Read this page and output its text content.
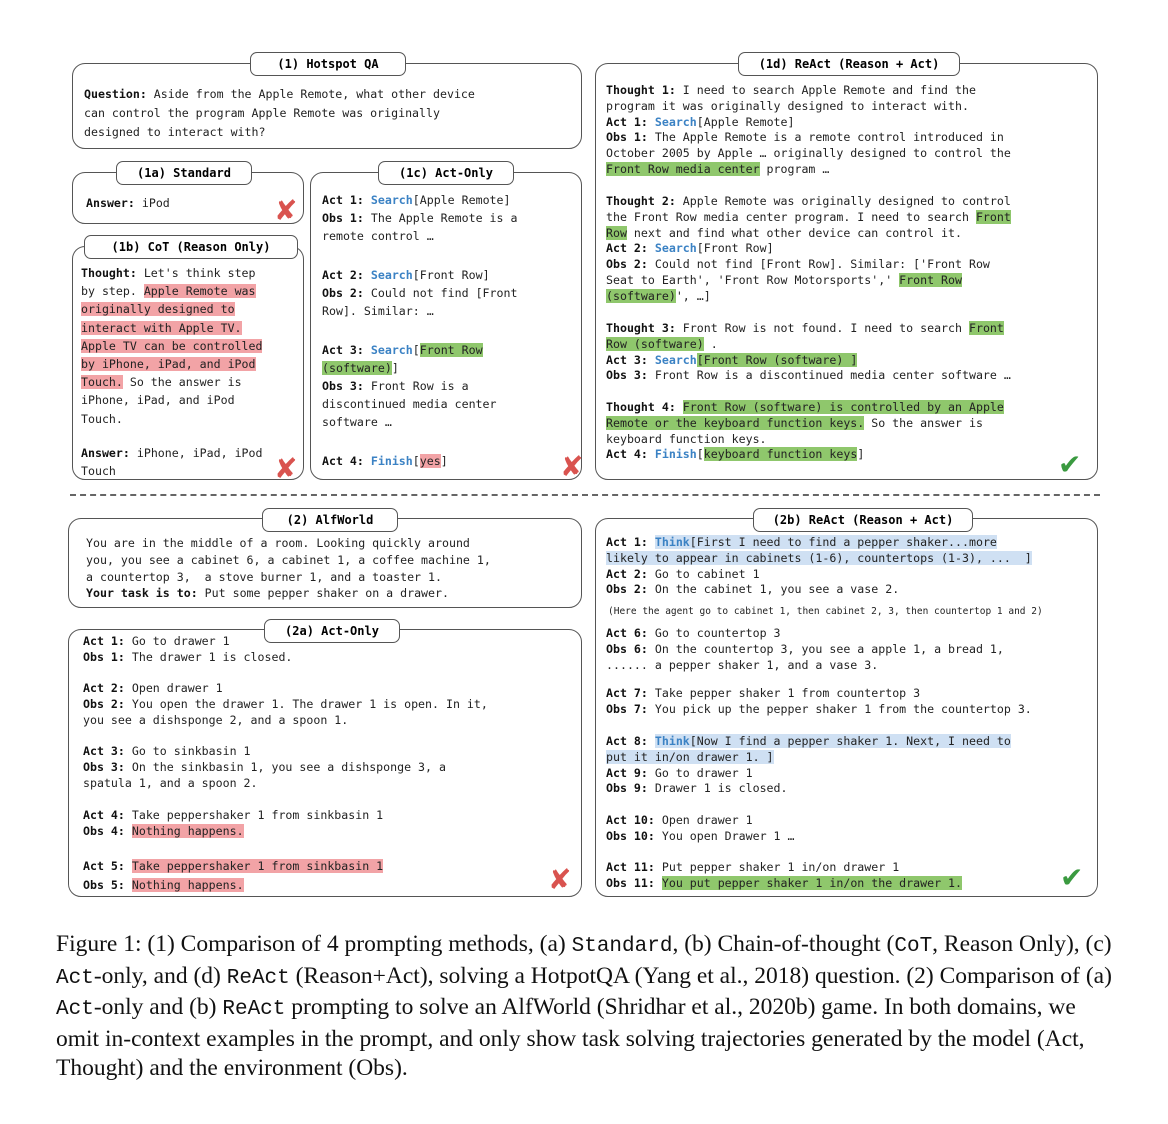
(1) Hotspot QA
Question: Aside from the Apple Remote, what other device
can control the program Apple Remote was originally
designed to interact with?
(1a) Standard
Answer: iPod	✘
(1b) CoT (Reason Only)
Thought: Let's think step
by step. Apple Remote was
originally designed to
interact with Apple TV.
Apple TV can be controlled
by iPhone, iPad, and iPod
Touch. So the answer is
iPhone, iPad, and iPod
Touch.
Answer: iPhone, iPad, iPod
Touch	✘
(1c) Act-Only
Act 1: Search[Apple Remote]
Obs 1: The Apple Remote is a
remote control …
Act 2: Search[Front Row]
Obs 2: Could not find [Front
Row]. Similar: …
Act 3: Search[Front Row
(software)]
Obs 3: Front Row is a
discontinued media center
software …
Act 4: Finish[yes]	✘
(1d) ReAct (Reason + Act)
Thought 1: I need to search Apple Remote and find the
program it was originally designed to interact with.
Act 1: Search[Apple Remote]
Obs 1: The Apple Remote is a remote control introduced in
October 2005 by Apple … originally designed to control the
Front Row media center program …
Thought 2: Apple Remote was originally designed to control
the Front Row media center program. I need to search Front
Row next and find what other device can control it.
Act 2: Search[Front Row]
Obs 2: Could not find [Front Row]. Similar: ['Front Row
Seat to Earth', 'Front Row Motorsports',' Front Row
(software)', …]
Thought 3: Front Row is not found. I need to search Front
Row (software) .
Act 3: Search[Front Row (software) ]
Obs 3: Front Row is a discontinued media center software …
Thought 4: Front Row (software) is controlled by an Apple
Remote or the keyboard function keys. So the answer is
keyboard function keys.
Act 4: Finish[keyboard function keys]	✔
(2) AlfWorld
You are in the middle of a room. Looking quickly around
you, you see a cabinet 6, a cabinet 1, a coffee machine 1,
a countertop 3,  a stove burner 1, and a toaster 1.
Your task is to: Put some pepper shaker on a drawer.
(2a) Act-Only
Act 1: Go to drawer 1
Obs 1: The drawer 1 is closed.
Act 2: Open drawer 1
Obs 2: You open the drawer 1. The drawer 1 is open. In it,
you see a dishsponge 2, and a spoon 1.
Act 3: Go to sinkbasin 1
Obs 3: On the sinkbasin 1, you see a dishsponge 3, a
spatula 1, and a spoon 2.
Act 4: Take peppershaker 1 from sinkbasin 1
Obs 4: Nothing happens.
Act 5: Take peppershaker 1 from sinkbasin 1
Obs 5: Nothing happens.	✘
(2b) ReAct (Reason + Act)
Act 1: Think[First I need to find a pepper shaker...more
likely to appear in cabinets (1-6), countertops (1-3), ...  ]
Act 2: Go to cabinet 1
Obs 2: On the cabinet 1, you see a vase 2.
(Here the agent go to cabinet 1, then cabinet 2, 3, then countertop 1 and 2)
Act 6: Go to countertop 3
Obs 6: On the countertop 3, you see a apple 1, a bread 1,
...... a pepper shaker 1, and a vase 3.
Act 7: Take pepper shaker 1 from countertop 3
Obs 7: You pick up the pepper shaker 1 from the countertop 3.
Act 8: Think[Now I find a pepper shaker 1. Next, I need to
put it in/on drawer 1. ]
Act 9: Go to drawer 1
Obs 9: Drawer 1 is closed.
Act 10: Open drawer 1
Obs 10: You open Drawer 1 …
Act 11: Put pepper shaker 1 in/on drawer 1
Obs 11: You put pepper shaker 1 in/on the drawer 1.	✔
Figure 1: (1) Comparison of 4 prompting methods, (a) Standard, (b) Chain-of-thought (CoT, Reason Only), (c) Act-only, and (d) ReAct (Reason+Act), solving a HotpotQA (Yang et al., 2018) question. (2) Comparison of (a) Act-only and (b) ReAct prompting to solve an AlfWorld (Shridhar et al., 2020b) game. In both domains, we omit in-context examples in the prompt, and only show task solving trajectories generated by the model (Act, Thought) and the environment (Obs).
